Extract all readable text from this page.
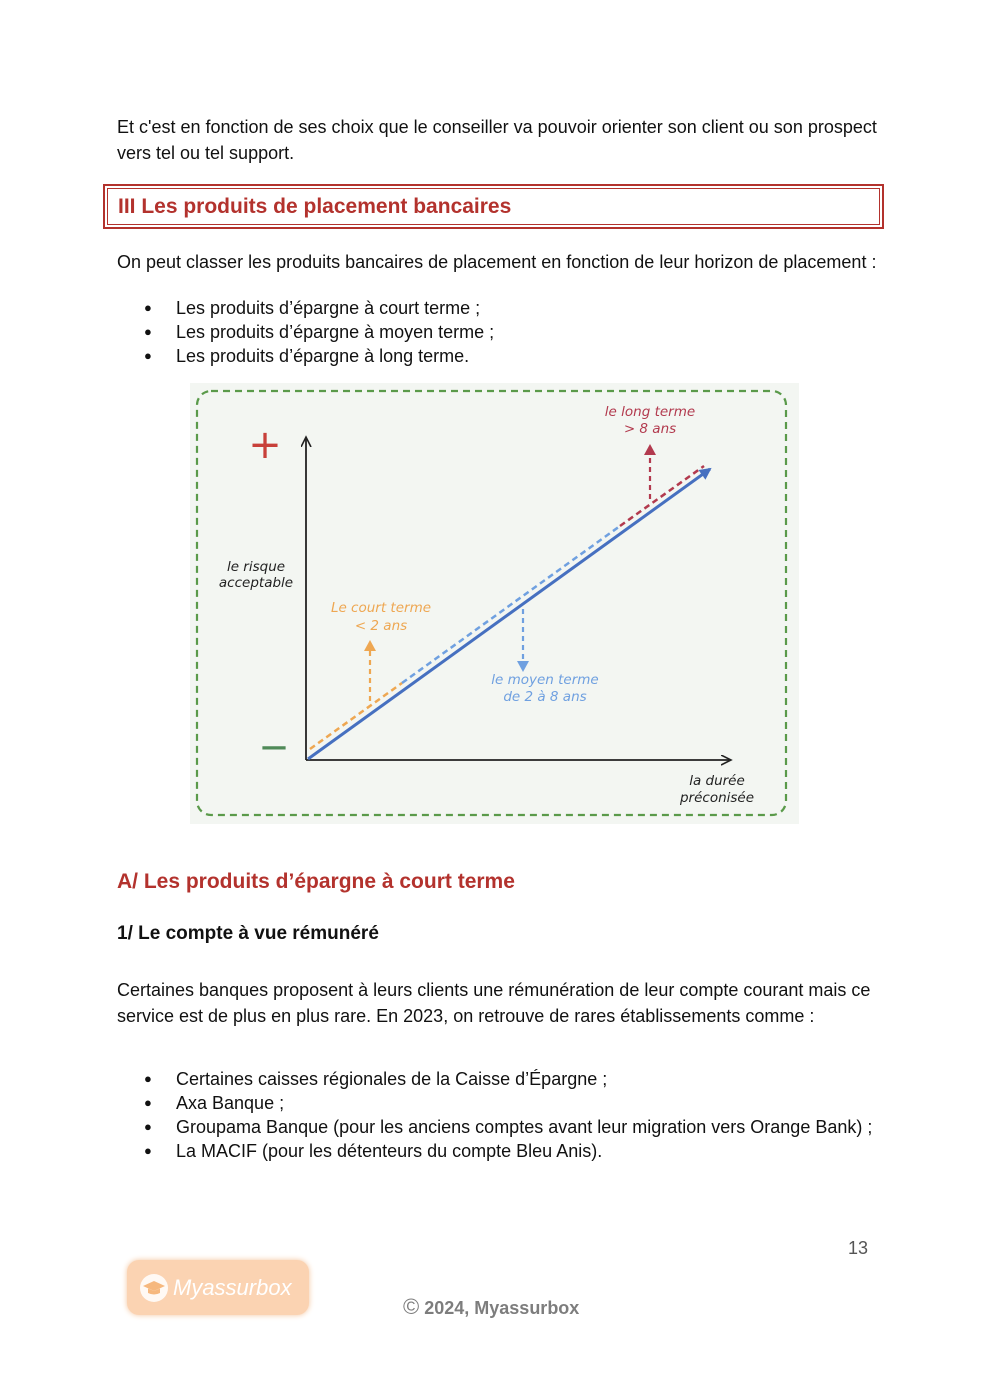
Et c'est en fonction de ses choix que le conseiller va pouvoir orienter son client ou son prospect vers tel ou tel support.

III Les produits de placement bancaires

On peut classer les produits bancaires de placement en fonction de leur horizon de placement :

● Les produits d’épargne à court terme ;
● Les produits d’épargne à moyen terme ;
● Les produits d’épargne à long terme.
+
—
le risque
acceptable
la durée
préconisée
Le court terme
< 2 ans
le moyen terme
de 2 à 8 ans
le long terme
> 8 ans
A/ Les produits d’épargne à court terme
1/ Le compte à vue rémunéré

Certaines banques proposent à leurs clients une rémunération de leur compte courant mais ce service est de plus en plus rare. En 2023, on retrouve de rares établissements comme :

● Certaines caisses régionales de la Caisse d’Épargne ;
● Axa Banque ;
● Groupama Banque (pour les anciens comptes avant leur migration vers Orange Bank) ;
● La MACIF (pour les détenteurs du compte Bleu Anis).
13
Myassurbox
© 2024, Myassurbox
